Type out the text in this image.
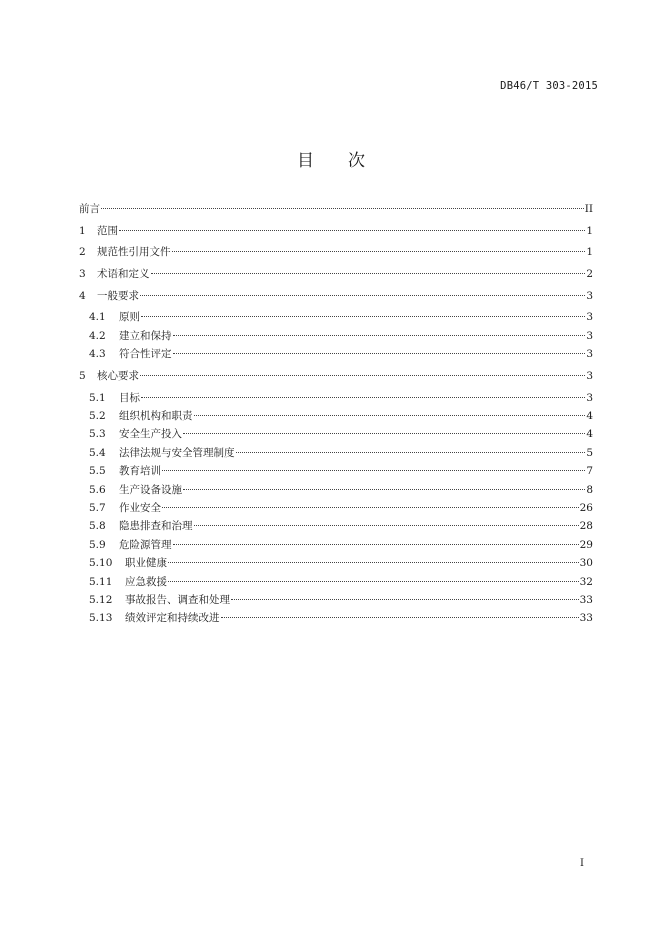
DB46/T 303-2015
目次
前言	II
1	范围	1
2	规范性引用文件	1
3	术语和定义	2
4	一般要求	3
4.1	原则	3
4.2	建立和保持	3
4.3	符合性评定	3
5	核心要求	3
5.1	目标	3
5.2	组织机构和职责	4
5.3	安全生产投入	4
5.4	法律法规与安全管理制度	5
5.5	教育培训	7
5.6	生产设备设施	8
5.7	作业安全	26
5.8	隐患排查和治理	28
5.9	危险源管理	29
5.10	职业健康	30
5.11	应急救援	32
5.12	事故报告、调查和处理	33
5.13	绩效评定和持续改进	33
I
